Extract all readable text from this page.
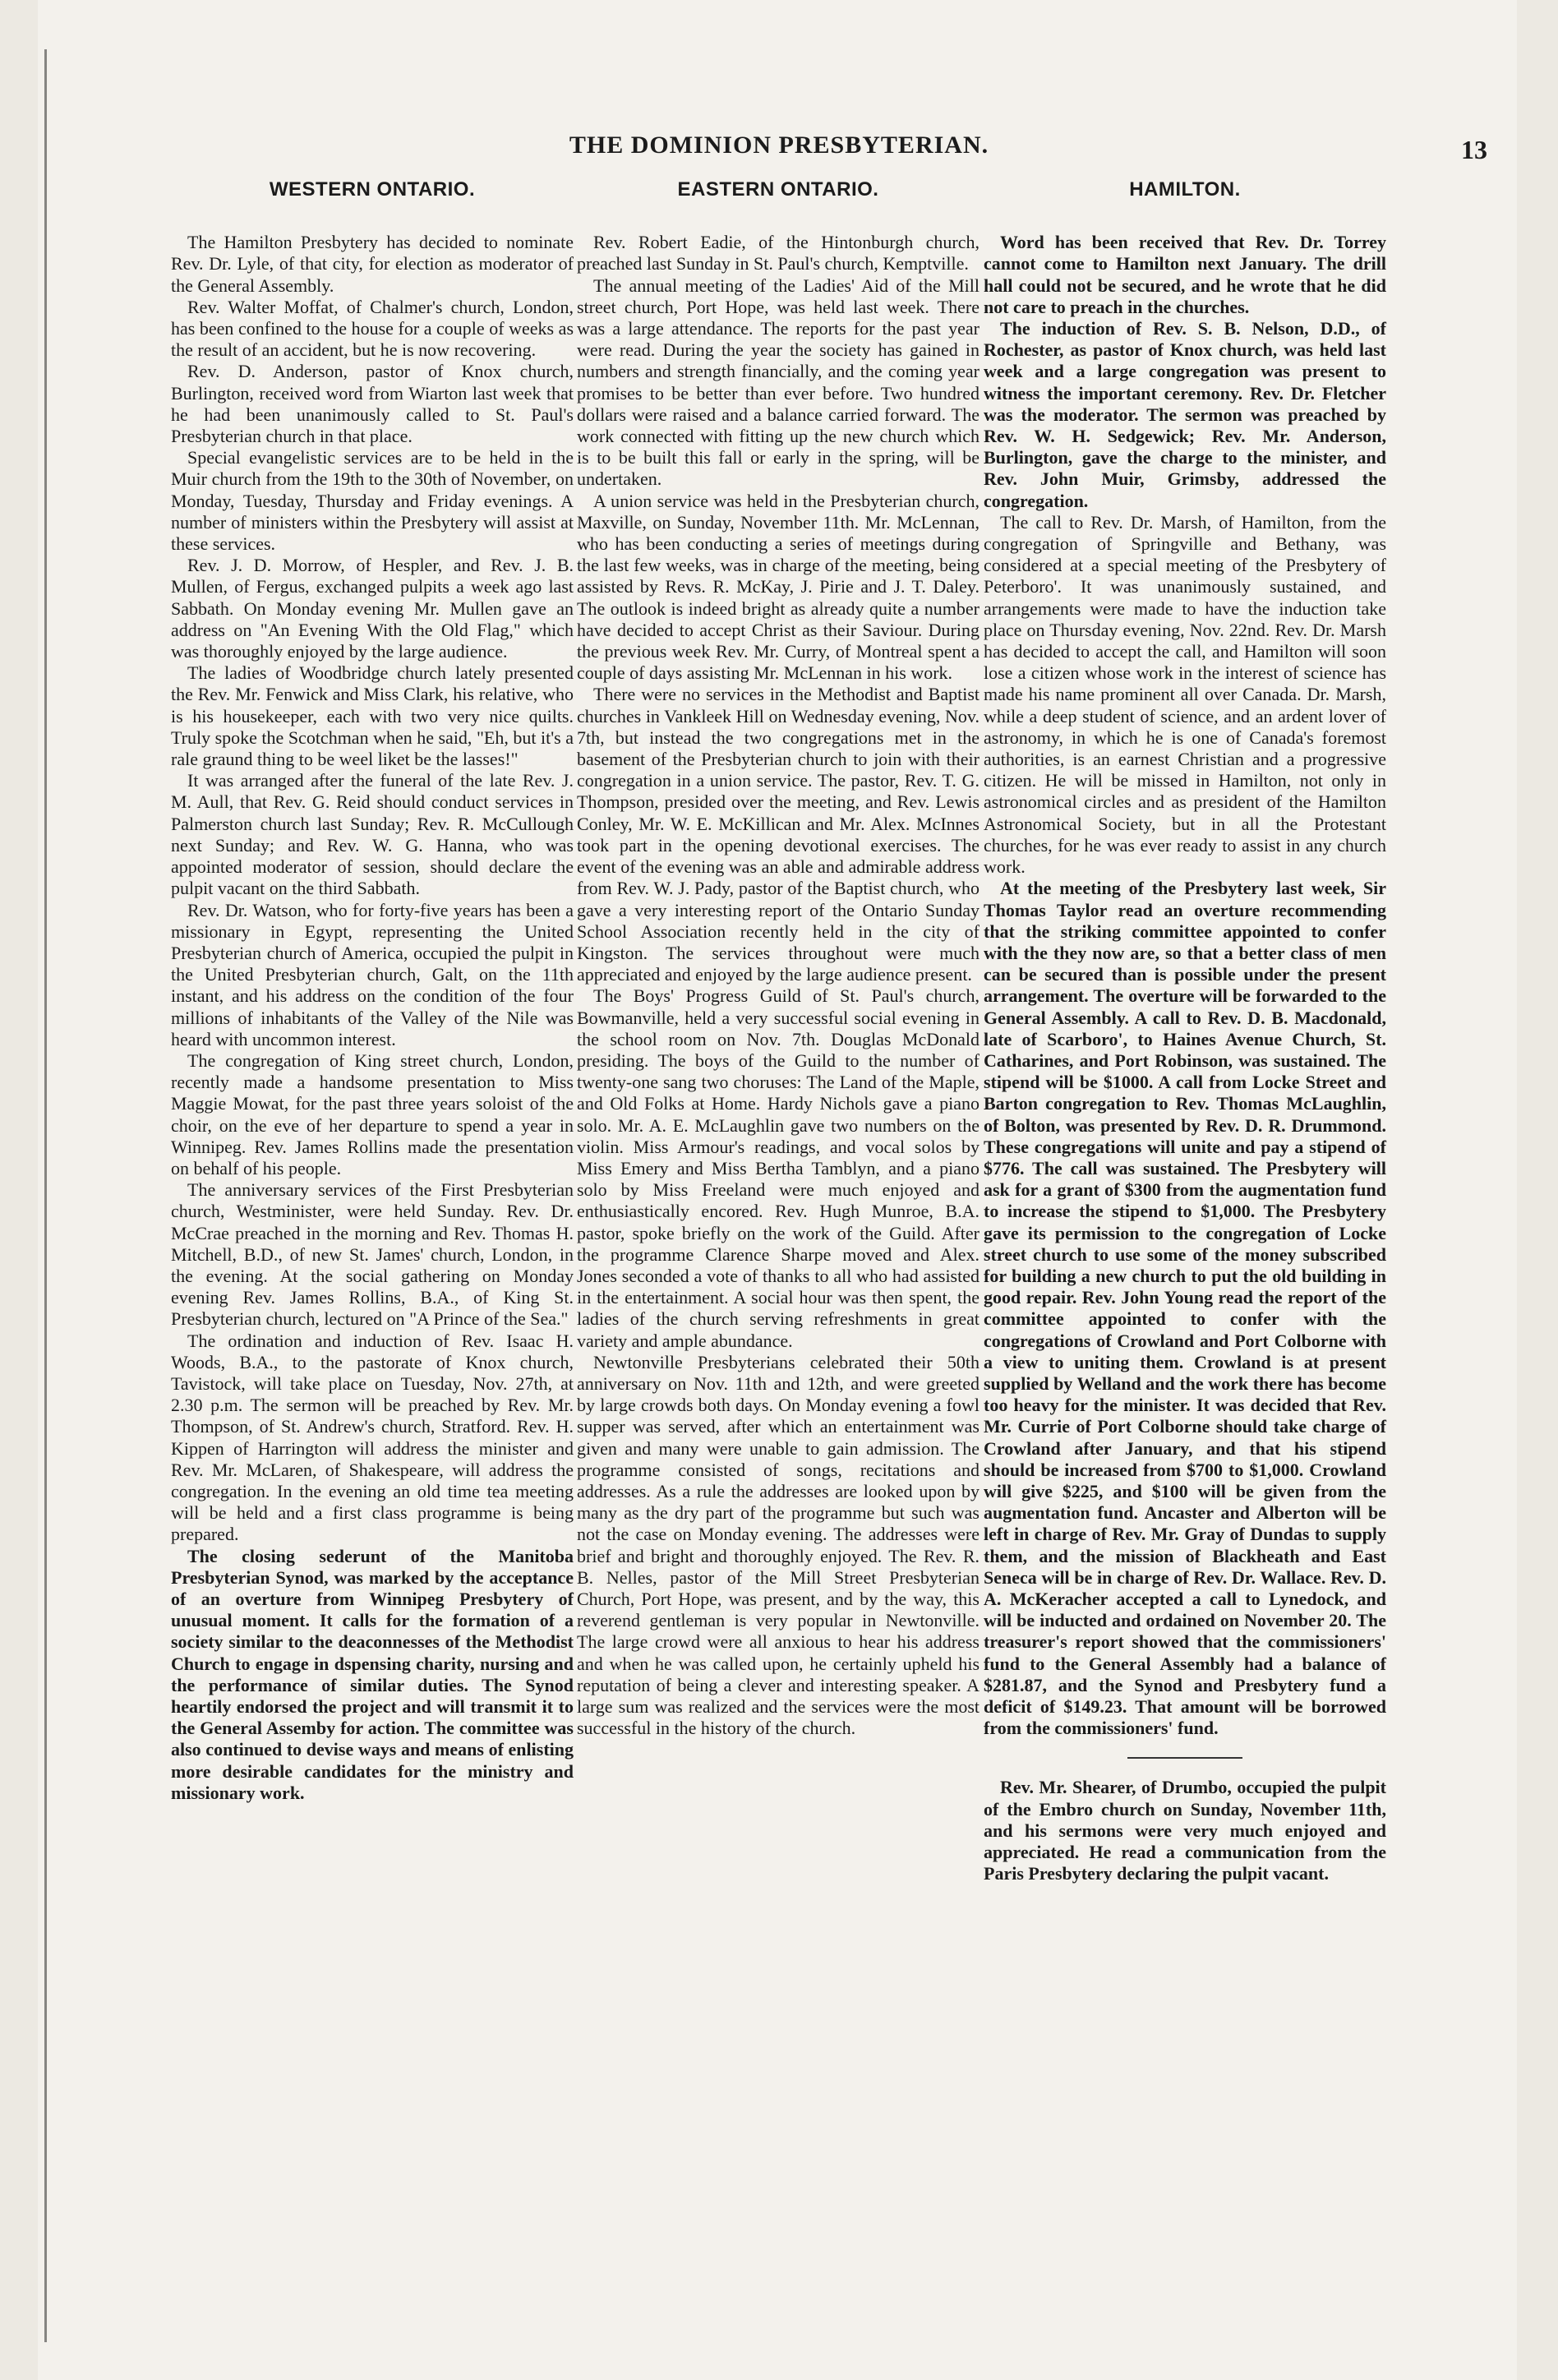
THE DOMINION PRESBYTERIAN.	13
WESTERN ONTARIO.

The Hamilton Presbytery has decided to nominate Rev. Dr. Lyle, of that city, for election as moderator of the General Assembly.

Rev. Walter Moffat, of Chalmer's church, London, has been confined to the house for a couple of weeks as the result of an accident, but he is now recovering.

Rev. D. Anderson, pastor of Knox church, Burlington, received word from Wiarton last week that he had been unanimously called to St. Paul's Presbyterian church in that place.

Special evangelistic services are to be held in the Muir church from the 19th to the 30th of November, on Monday, Tuesday, Thursday and Friday evenings. A number of ministers within the Presbytery will assist at these services.

Rev. J. D. Morrow, of Hespler, and Rev. J. B. Mullen, of Fergus, exchanged pulpits a week ago last Sabbath. On Monday evening Mr. Mullen gave an address on "An Evening With the Old Flag," which was thoroughly enjoyed by the large audience.

The ladies of Woodbridge church lately presented the Rev. Mr. Fenwick and Miss Clark, his relative, who is his housekeeper, each with two very nice quilts. Truly spoke the Scotchman when he said, "Eh, but it's a rale graund thing to be weel liket be the lasses!"

It was arranged after the funeral of the late Rev. J. M. Aull, that Rev. G. Reid should conduct services in Palmerston church last Sunday; Rev. R. McCullough next Sunday; and Rev. W. G. Hanna, who was appointed moderator of session, should declare the pulpit vacant on the third Sabbath.

Rev. Dr. Watson, who for forty-five years has been a missionary in Egypt, representing the United Presbyterian church of America, occupied the pulpit in the United Presbyterian church, Galt, on the 11th instant, and his address on the condition of the four millions of inhabitants of the Valley of the Nile was heard with uncommon interest.

The congregation of King street church, London, recently made a handsome presentation to Miss Maggie Mowat, for the past three years soloist of the choir, on the eve of her departure to spend a year in Winnipeg. Rev. James Rollins made the presentation on behalf of his people.

The anniversary services of the First Presbyterian church, Westminister, were held Sunday. Rev. Dr. McCrae preached in the morning and Rev. Thomas H. Mitchell, B.D., of new St. James' church, London, in the evening. At the social gathering on Monday evening Rev. James Rollins, B.A., of King St. Presbyterian church, lectured on "A Prince of the Sea."

The ordination and induction of Rev. Isaac H. Woods, B.A., to the pastorate of Knox church, Tavistock, will take place on Tuesday, Nov. 27th, at 2.30 p.m. The sermon will be preached by Rev. Mr. Thompson, of St. Andrew's church, Stratford. Rev. H. Kippen of Harrington will address the minister and Rev. Mr. McLaren, of Shakespeare, will address the congregation. In the evening an old time tea meeting will be held and a first class programme is being prepared.

The closing sederunt of the Manitoba Presbyterian Synod, was marked by the acceptance of an overture from Winnipeg Presbytery of unusual moment. It calls for the formation of a society similar to the deaconnesses of the Methodist Church to engage in dspensing charity, nursing and the performance of similar duties. The Synod heartily endorsed the project and will transmit it to the General Assemby for action. The committee was also continued to devise ways and means of enlisting more desirable candidates for the ministry and missionary work.

EASTERN ONTARIO.

Rev. Robert Eadie, of the Hintonburgh church, preached last Sunday in St. Paul's church, Kemptville.

The annual meeting of the Ladies' Aid of the Mill street church, Port Hope, was held last week. There was a large attendance. The reports for the past year were read. During the year the society has gained in numbers and strength financially, and the coming year promises to be better than ever before. Two hundred dollars were raised and a balance carried forward. The work connected with fitting up the new church which is to be built this fall or early in the spring, will be undertaken.

A union service was held in the Presbyterian church, Maxville, on Sunday, November 11th. Mr. McLennan, who has been conducting a series of meetings during the last few weeks, was in charge of the meeting, being assisted by Revs. R. McKay, J. Pirie and J. T. Daley. The outlook is indeed bright as already quite a number have decided to accept Christ as their Saviour. During the previous week Rev. Mr. Curry, of Montreal spent a couple of days assisting Mr. McLennan in his work.

There were no services in the Methodist and Baptist churches in Vankleek Hill on Wednesday evening, Nov. 7th, but instead the two congregations met in the basement of the Presbyterian church to join with their congregation in a union service. The pastor, Rev. T. G. Thompson, presided over the meeting, and Rev. Lewis Conley, Mr. W. E. McKillican and Mr. Alex. McInnes took part in the opening devotional exercises. The event of the evening was an able and admirable address from Rev. W. J. Pady, pastor of the Baptist church, who gave a very interesting report of the Ontario Sunday School Association recently held in the city of Kingston. The services throughout were much appreciated and enjoyed by the large audience present.

The Boys' Progress Guild of St. Paul's church, Bowmanville, held a very successful social evening in the school room on Nov. 7th. Douglas McDonald presiding. The boys of the Guild to the number of twenty-one sang two choruses: The Land of the Maple, and Old Folks at Home. Hardy Nichols gave a piano solo. Mr. A. E. McLaughlin gave two numbers on the violin. Miss Armour's readings, and vocal solos by Miss Emery and Miss Bertha Tamblyn, and a piano solo by Miss Freeland were much enjoyed and enthusiastically encored. Rev. Hugh Munroe, B.A. pastor, spoke briefly on the work of the Guild. After the programme Clarence Sharpe moved and Alex. Jones seconded a vote of thanks to all who had assisted in the entertainment. A social hour was then spent, the ladies of the church serving refreshments in great variety and ample abundance.

Newtonville Presbyterians celebrated their 50th anniversary on Nov. 11th and 12th, and were greeted by large crowds both days. On Monday evening a fowl supper was served, after which an entertainment was given and many were unable to gain admission. The programme consisted of songs, recitations and addresses. As a rule the addresses are looked upon by many as the dry part of the programme but such was not the case on Monday evening. The addresses were brief and bright and thoroughly enjoyed. The Rev. R. B. Nelles, pastor of the Mill Street Presbyterian Church, Port Hope, was present, and by the way, this reverend gentleman is very popular in Newtonville. The large crowd were all anxious to hear his address and when he was called upon, he certainly upheld his reputation of being a clever and interesting speaker. A large sum was realized and the services were the most successful in the history of the church.

HAMILTON.

Word has been received that Rev. Dr. Torrey cannot come to Hamilton next January. The drill hall could not be secured, and he wrote that he did not care to preach in the churches.

The induction of Rev. S. B. Nelson, D.D., of Rochester, as pastor of Knox church, was held last week and a large congregation was present to witness the important ceremony. Rev. Dr. Fletcher was the moderator. The sermon was preached by Rev. W. H. Sedgewick; Rev. Mr. Anderson, Burlington, gave the charge to the minister, and Rev. John Muir, Grimsby, addressed the congregation.

The call to Rev. Dr. Marsh, of Hamilton, from the congregation of Springville and Bethany, was considered at a special meeting of the Presbytery of Peterboro'. It was unanimously sustained, and arrangements were made to have the induction take place on Thursday evening, Nov. 22nd. Rev. Dr. Marsh has decided to accept the call, and Hamilton will soon lose a citizen whose work in the interest of science has made his name prominent all over Canada. Dr. Marsh, while a deep student of science, and an ardent lover of astronomy, in which he is one of Canada's foremost authorities, is an earnest Christian and a progressive citizen. He will be missed in Hamilton, not only in astronomical circles and as president of the Hamilton Astronomical Society, but in all the Protestant churches, for he was ever ready to assist in any church work.

At the meeting of the Presbytery last week, Sir Thomas Taylor read an overture recommending that the striking committee appointed to confer with the they now are, so that a better class of men can be secured than is possible under the present arrangement. The overture will be forwarded to the General Assembly. A call to Rev. D. B. Macdonald, late of Scarboro', to Haines Avenue Church, St. Catharines, and Port Robinson, was sustained. The stipend will be $1000. A call from Locke Street and Barton congregation to Rev. Thomas McLaughlin, of Bolton, was presented by Rev. D. R. Drummond. These congregations will unite and pay a stipend of $776. The call was sustained. The Presbytery will ask for a grant of $300 from the augmentation fund to increase the stipend to $1,000. The Presbytery gave its permission to the congregation of Locke street church to use some of the money subscribed for building a new church to put the old building in good repair. Rev. John Young read the report of the committee appointed to confer with the congregations of Crowland and Port Colborne with a view to uniting them. Crowland is at present supplied by Welland and the work there has become too heavy for the minister. It was decided that Rev. Mr. Currie of Port Colborne should take charge of Crowland after January, and that his stipend should be increased from $700 to $1,000. Crowland will give $225, and $100 will be given from the augmentation fund. Ancaster and Alberton will be left in charge of Rev. Mr. Gray of Dundas to supply them, and the mission of Blackheath and East Seneca will be in charge of Rev. Dr. Wallace. Rev. D. A. McKeracher accepted a call to Lynedock, and will be inducted and ordained on November 20. The treasurer's report showed that the commissioners' fund to the General Assembly had a balance of $281.87, and the Synod and Presbytery fund a deficit of $149.23. That amount will be borrowed from the commissioners' fund.

Rev. Mr. Shearer, of Drumbo, occupied the pulpit of the Embro church on Sunday, November 11th, and his sermons were very much enjoyed and appreciated. He read a communication from the Paris Presbytery declaring the pulpit vacant.
